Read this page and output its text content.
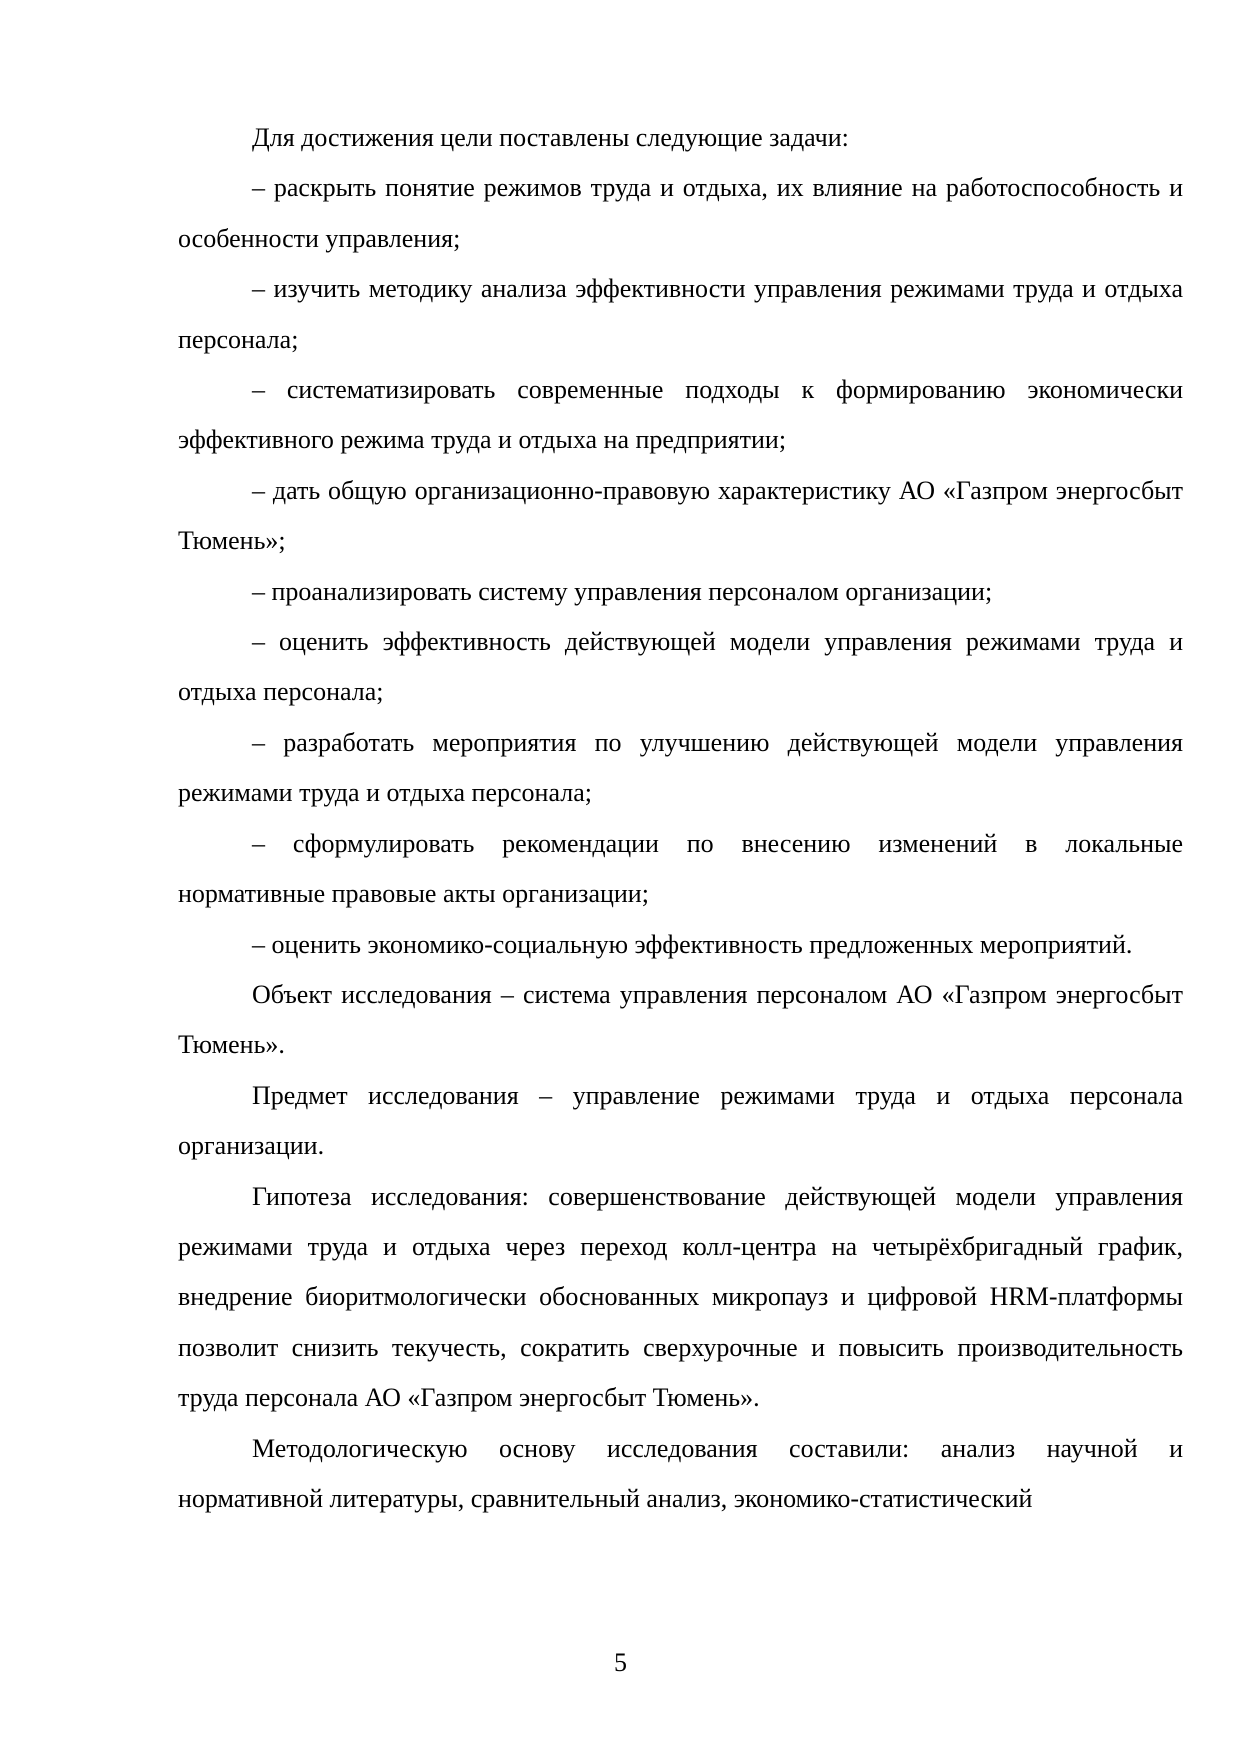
Для достижения цели поставлены следующие задачи:

– раскрыть понятие режимов труда и отдыха, их влияние на работоспособность и особенности управления;

– изучить методику анализа эффективности управления режимами труда и отдыха персонала;

– систематизировать современные подходы к формированию экономически эффективного режима труда и отдыха на предприятии;

– дать общую организационно-правовую характеристику АО «Газпром энергосбыт Тюмень»;

– проанализировать систему управления персоналом организации;

– оценить эффективность действующей модели управления режимами труда и отдыха персонала;

– разработать мероприятия по улучшению действующей модели управления режимами труда и отдыха персонала;

– сформулировать рекомендации по внесению изменений в локальные нормативные правовые акты организации;

– оценить экономико-социальную эффективность предложенных мероприятий.

Объект исследования – система управления персоналом АО «Газпром энергосбыт Тюмень».

Предмет исследования – управление режимами труда и отдыха персонала организации.

Гипотеза исследования: совершенствование действующей модели управления режимами труда и отдыха через переход колл-центра на четырёхбригадный график, внедрение биоритмологически обоснованных микропауз и цифровой HRM-платформы позволит снизить текучесть, сократить сверхурочные и повысить производительность труда персонала АО «Газпром энергосбыт Тюмень».

Методологическую основу исследования составили: анализ научной и нормативной литературы, сравнительный анализ, экономико-статистический

5
